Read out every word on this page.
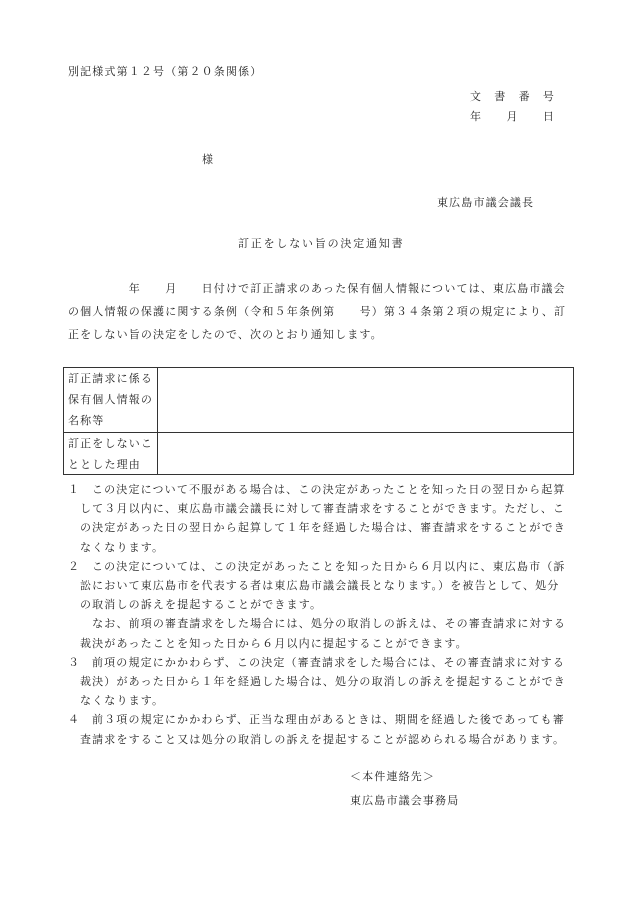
別記様式第１２号（第２０条関係）
文　書　番　号
年　　月　　日
様
東広島市議会議長
訂正をしない旨の決定通知書
　　　　　年　　月　　日付けで訂正請求のあった保有個人情報については、東広島市議会
の個人情報の保護に関する条例（令和５年条例第　　号）第３４条第２項の規定により、訂
正をしない旨の決定をしたので、次のとおり通知します。
訂正請求に係る
保有個人情報の
名称等
訂正をしないこ
ととした理由
１ この決定について不服がある場合は、この決定があったことを知った日の翌日から起算
して３月以内に、東広島市議会議長に対して審査請求をすることができます。ただし、こ
の決定があった日の翌日から起算して１年を経過した場合は、審査請求をすることができ
なくなります。
２ この決定については、この決定があったことを知った日から６月以内に、東広島市（訴
訟において東広島市を代表する者は東広島市議会議長となります。）を被告として、処分
の取消しの訴えを提起することができます。
　なお、前項の審査請求をした場合には、処分の取消しの訴えは、その審査請求に対する
裁決があったことを知った日から６月以内に提起することができます。
３ 前項の規定にかかわらず、この決定（審査請求をした場合には、その審査請求に対する
裁決）があった日から１年を経過した場合は、処分の取消しの訴えを提起することができ
なくなります。
４ 前３項の規定にかかわらず、正当な理由があるときは、期間を経過した後であっても審
査請求をすること又は処分の取消しの訴えを提起することが認められる場合があります。
＜本件連絡先＞
東広島市議会事務局
